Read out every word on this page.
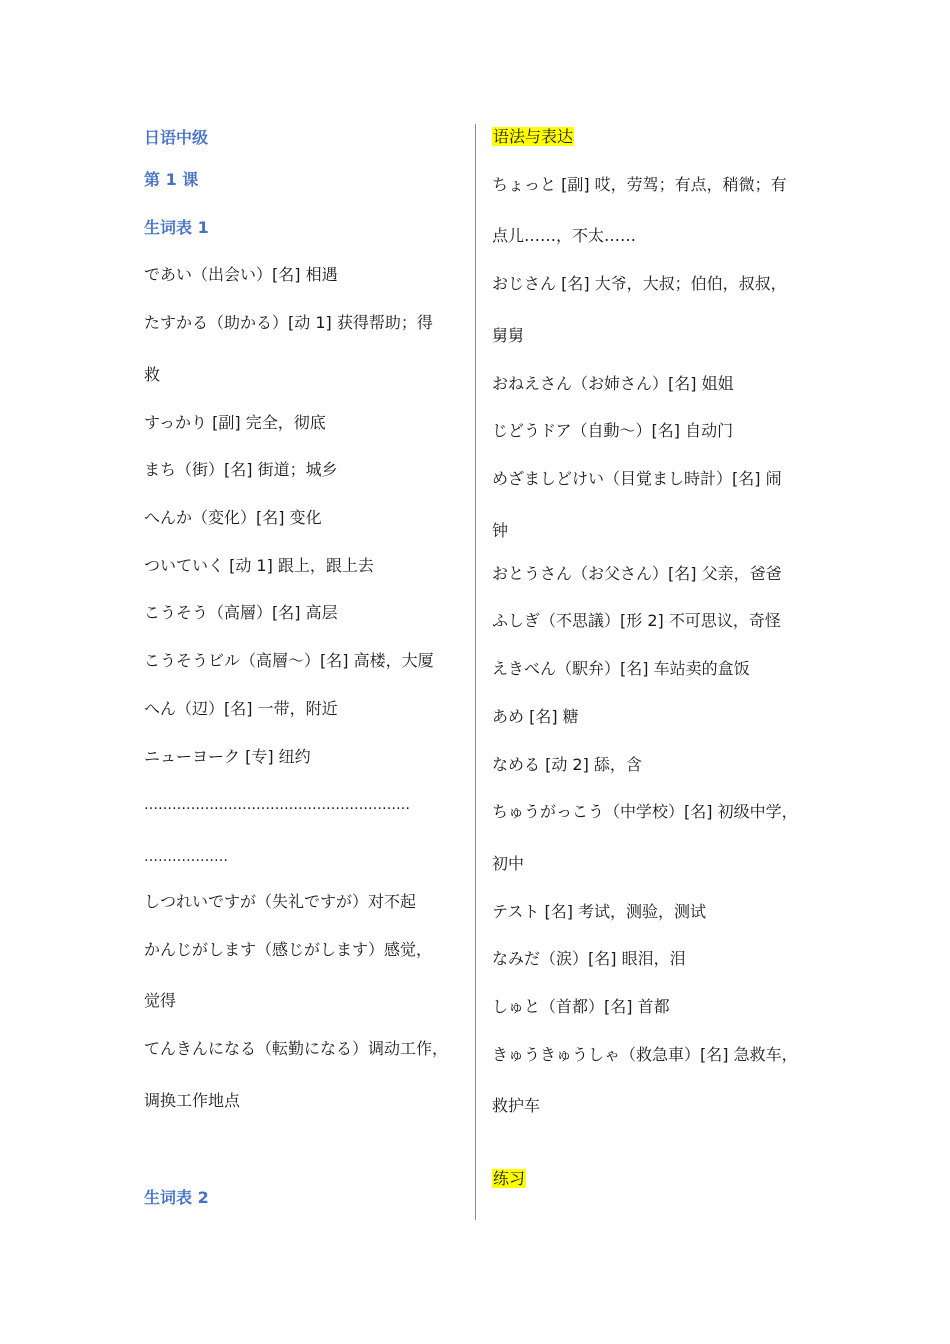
日语中级
第 1 课
生词表 1
であい（出会い）[名] 相遇
たすかる（助かる）[动 1] 获得帮助；得
救
すっかり [副] 完全，彻底
まち（街）[名] 街道；城乡
へんか（変化）[名] 变化
ついていく [动 1] 跟上，跟上去
こうそう（高層）[名] 高层
こうそうビル（高層～）[名] 高楼，大厦
へん（辺）[名] 一带，附近
ニューヨーク [专] 纽约
…………………………………………………
………………
しつれいですが（失礼ですが）对不起
かんじがします（感じがします）感觉，
觉得
てんきんになる（転勤になる）调动工作，
调换工作地点
生词表 2
语法与表达
ちょっと [副] 哎，劳驾；有点，稍微；有
点儿……，不太……
おじさん [名] 大爷，大叔；伯伯，叔叔，
舅舅
おねえさん（お姉さん）[名] 姐姐
じどうドア（自動～）[名] 自动门
めざましどけい（目覚まし時計）[名] 闹
钟
おとうさん（お父さん）[名] 父亲，爸爸
ふしぎ（不思議）[形 2] 不可思议，奇怪
えきべん（駅弁）[名] 车站卖的盒饭
あめ [名] 糖
なめる [动 2] 舔，含
ちゅうがっこう（中学校）[名] 初级中学，
初中
テスト [名] 考试，测验，测试
なみだ（涙）[名] 眼泪，泪
しゅと（首都）[名] 首都
きゅうきゅうしゃ（救急車）[名] 急救车，
救护车
练习
